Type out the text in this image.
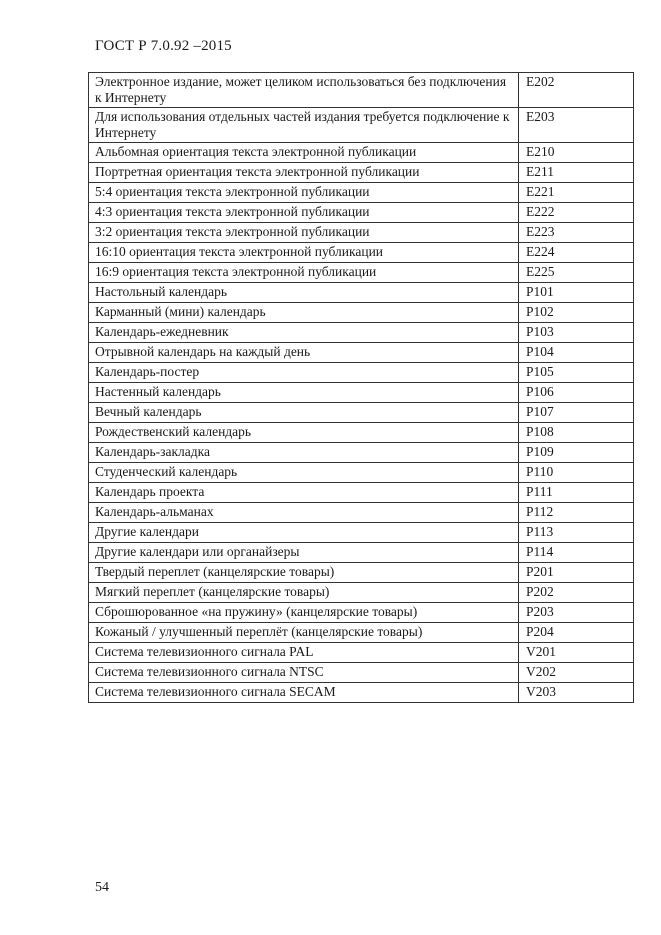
ГОСТ Р 7.0.92 –2015
Электронное издание, может целиком использоваться без подключения к Интернету	E202
Для использования отдельных частей издания требуется подключение к Интернету	E203
Альбомная ориентация текста электронной публикации	E210
Портретная ориентация текста электронной публикации	E211
5:4 ориентация текста электронной публикации	E221
4:3 ориентация текста электронной публикации	E222
3:2 ориентация текста электронной публикации	E223
16:10 ориентация текста электронной публикации	E224
16:9 ориентация текста электронной публикации	E225
Настольный календарь	P101
Карманный (мини) календарь	P102
Календарь-ежедневник	P103
Отрывной календарь на каждый день	P104
Календарь-постер	P105
Настенный календарь	P106
Вечный календарь	P107
Рождественский календарь	P108
Календарь-закладка	P109
Студенческий календарь	P110
Календарь проекта	P111
Календарь-альманах	P112
Другие календари	P113
Другие календари или органайзеры	P114
Твердый переплет (канцелярские товары)	P201
Мягкий переплет (канцелярские товары)	P202
Сброшюрованное «на пружину» (канцелярские товары)	P203
Кожаный / улучшенный переплёт (канцелярские товары)	P204
Система телевизионного сигнала PAL	V201
Система телевизионного сигнала NTSC	V202
Система телевизионного сигнала SECAM	V203
54
